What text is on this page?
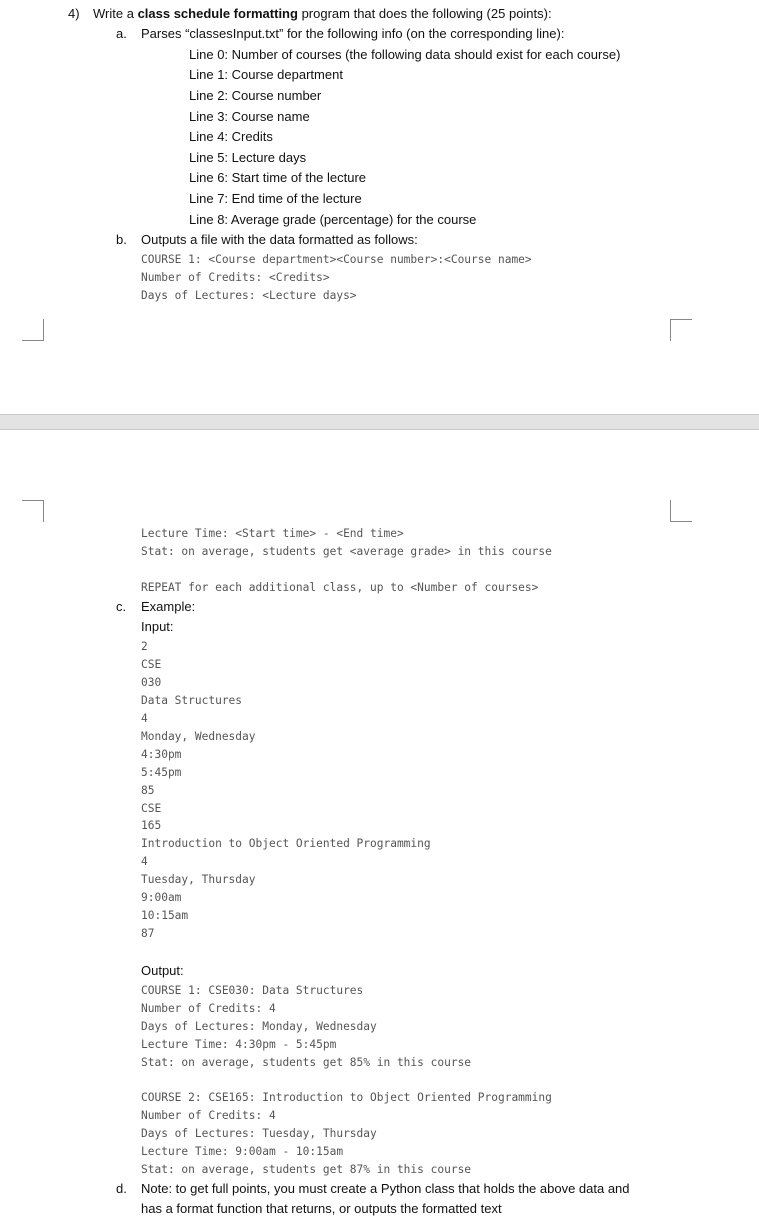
4) Write a class schedule formatting program that does the following (25 points):
a. Parses “classesInput.txt” for the following info (on the corresponding line):
Line 0: Number of courses (the following data should exist for each course)
Line 1: Course department
Line 2: Course number
Line 3: Course name
Line 4: Credits
Line 5: Lecture days
Line 6: Start time of the lecture
Line 7: End time of the lecture
Line 8: Average grade (percentage) for the course
b. Outputs a file with the data formatted as follows:
COURSE 1: <Course department><Course number>:<Course name>
Number of Credits: <Credits>
Days of Lectures: <Lecture days>
Lecture Time: <Start time> - <End time>
Stat: on average, students get <average grade> in this course
REPEAT for each additional class, up to <Number of courses>
c. Example:
Input:
2
CSE
030
Data Structures
4
Monday, Wednesday
4:30pm
5:45pm
85
CSE
165
Introduction to Object Oriented Programming
4
Tuesday, Thursday
9:00am
10:15am
87
Output:
COURSE 1: CSE030: Data Structures
Number of Credits: 4
Days of Lectures: Monday, Wednesday
Lecture Time: 4:30pm - 5:45pm
Stat: on average, students get 85% in this course
COURSE 2: CSE165: Introduction to Object Oriented Programming
Number of Credits: 4
Days of Lectures: Tuesday, Thursday
Lecture Time: 9:00am - 10:15am
Stat: on average, students get 87% in this course
d. Note: to get full points, you must create a Python class that holds the above data and
has a format function that returns, or outputs the formatted text
